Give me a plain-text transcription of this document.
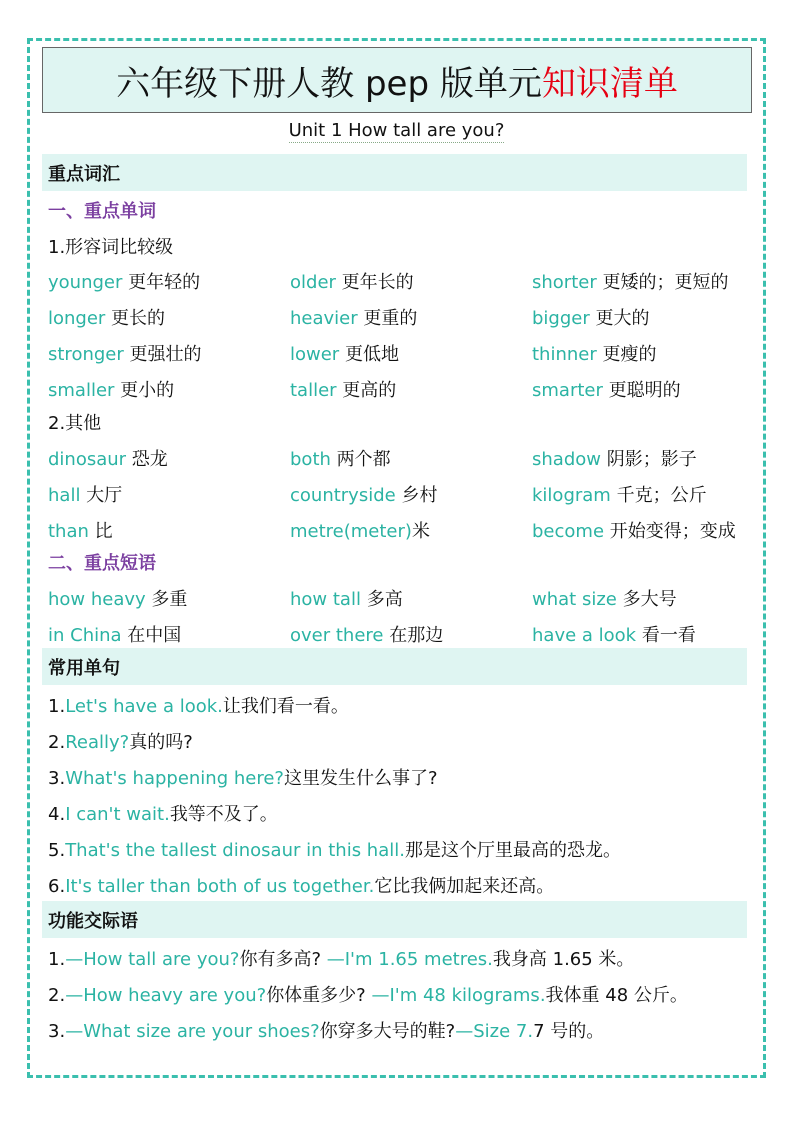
六年级下册人教 pep 版单元 知识清单
Unit 1 How tall are you?
重点词汇
一、重点单词
1.形容词比较级
younger 更年轻的	older 更年长的	shorter 更矮的；更短的
longer 更长的	heavier 更重的	bigger 更大的
stronger 更强壮的	lower 更低地	thinner 更瘦的
smaller 更小的	taller 更高的	smarter 更聪明的
2.其他
dinosaur 恐龙	both 两个都	shadow 阴影；影子
hall 大厅	countryside 乡村	kilogram 千克；公斤
than 比	metre(meter)米	become 开始变得；变成
二、重点短语
how heavy 多重	how tall 多高	what size 多大号
in China 在中国	over there 在那边	have a look 看一看
常用单句
1.Let's have a look.让我们看一看。
2.Really?真的吗?
3.What's happening here?这里发生什么事了?
4.I can't wait.我等不及了。
5.That's the tallest dinosaur in this hall.那是这个厅里最高的恐龙。
6.It's taller than both of us together.它比我俩加起来还高。
功能交际语
1.—How tall are you?你有多高? —I'm 1.65 metres.我身高 1.65 米。
2.—How heavy are you?你体重多少? —I'm 48 kilograms.我体重 48 公斤。
3.—What size are your shoes?你穿多大号的鞋?—Size 7.7 号的。
